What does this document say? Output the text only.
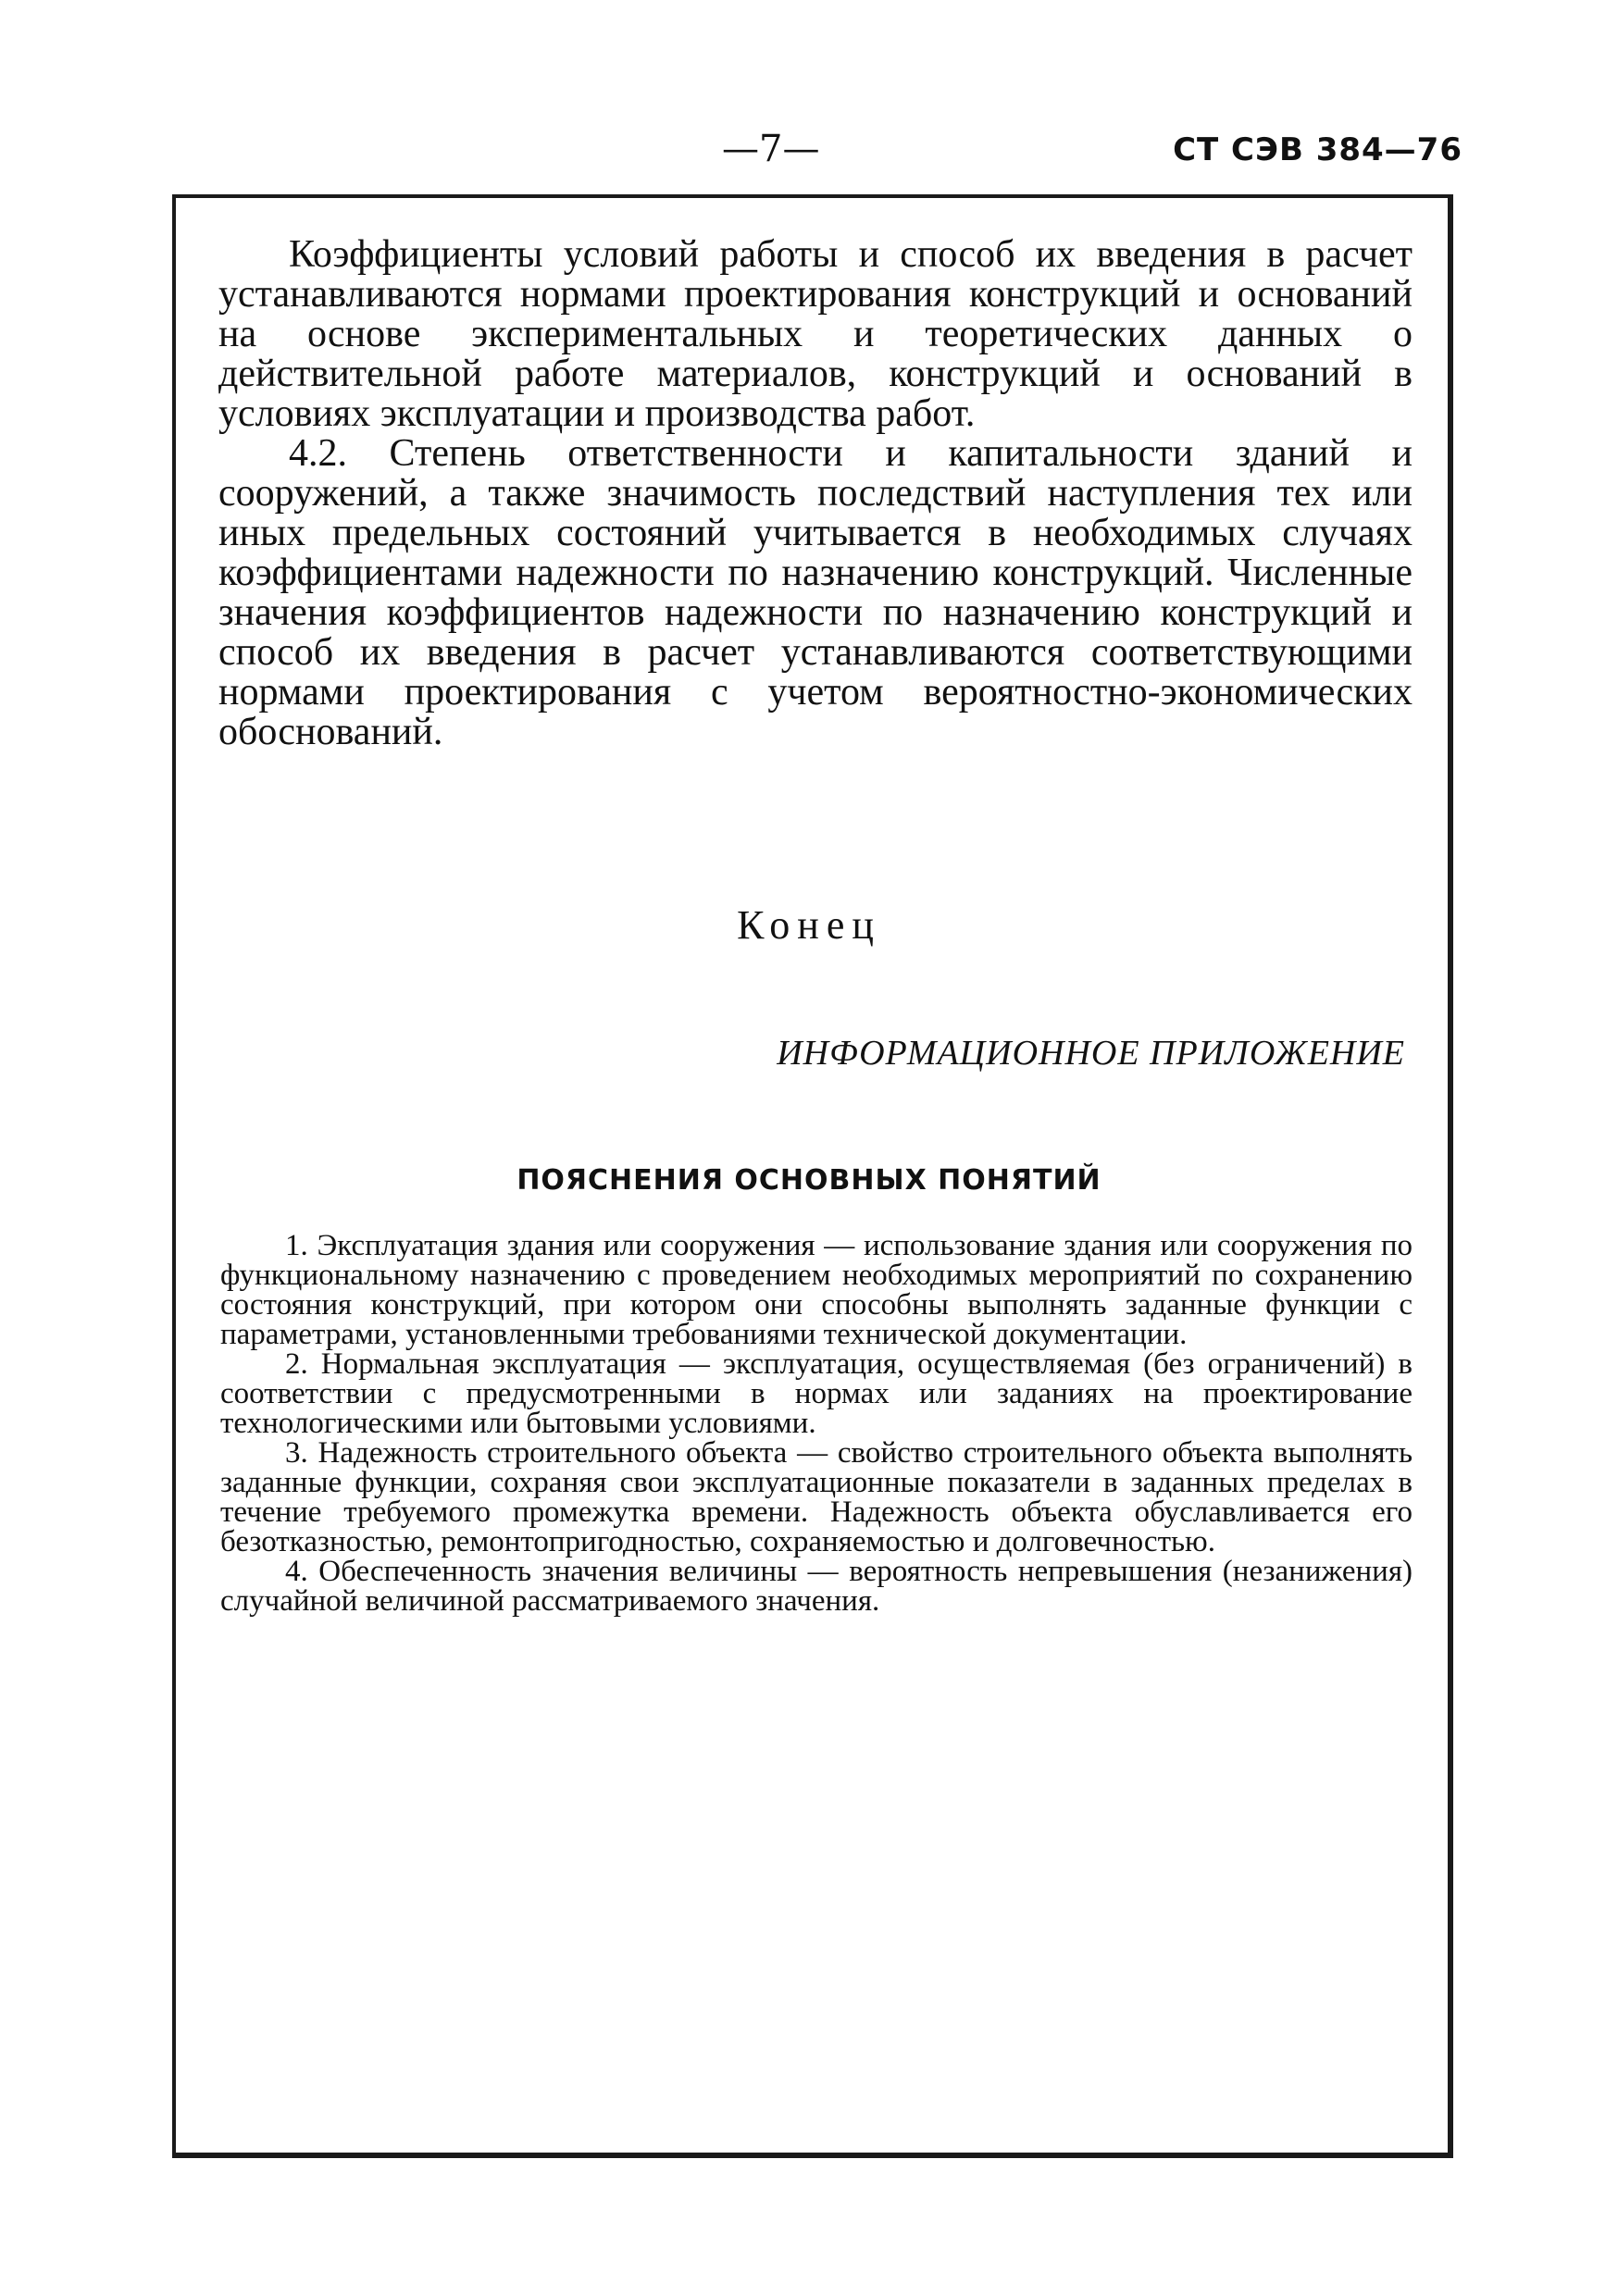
—7—	СТ СЭВ 384—76

Коэффициенты условий работы и способ их введения в расчет устанавливаются нормами проектирования конструкций и оснований на основе экспериментальных и теоретических данных о действительной работе материалов, конструкций и оснований в условиях эксплуатации и производства работ.

4.2. Степень ответственности и капитальности зданий и сооружений, а также значимость последствий наступления тех или иных предельных состояний учитывается в необходимых случаях коэффициентами надежности по назначению конструкций. Численные значения коэффициентов надежности по назначению конструкций и способ их введения в расчет устанавливаются соответствующими нормами проектирования с учетом вероятностно-экономических обоснований.

Конец
ИНФОРМАЦИОННОЕ ПРИЛОЖЕНИЕ
ПОЯСНЕНИЯ ОСНОВНЫХ ПОНЯТИЙ

1. Эксплуатация здания или сооружения — использование здания или сооружения по функциональному назначению с проведением необходимых мероприятий по сохранению состояния конструкций, при котором они способны выполнять заданные функции с параметрами, установленными требованиями технической документации.

2. Нормальная эксплуатация — эксплуатация, осуществляемая (без ограничений) в соответствии с предусмотренными в нормах или заданиях на проектирование технологическими или бытовыми условиями.

3. Надежность строительного объекта — свойство строительного объекта выполнять заданные функции, сохраняя свои эксплуатационные показатели в заданных пределах в течение требуемого промежутка времени. Надежность объекта обуславливается его безотказностью, ремонтопригодностью, сохраняемостью и долговечностью.

4. Обеспеченность значения величины — вероятность непревышения (незанижения) случайной величиной рассматриваемого значения.
